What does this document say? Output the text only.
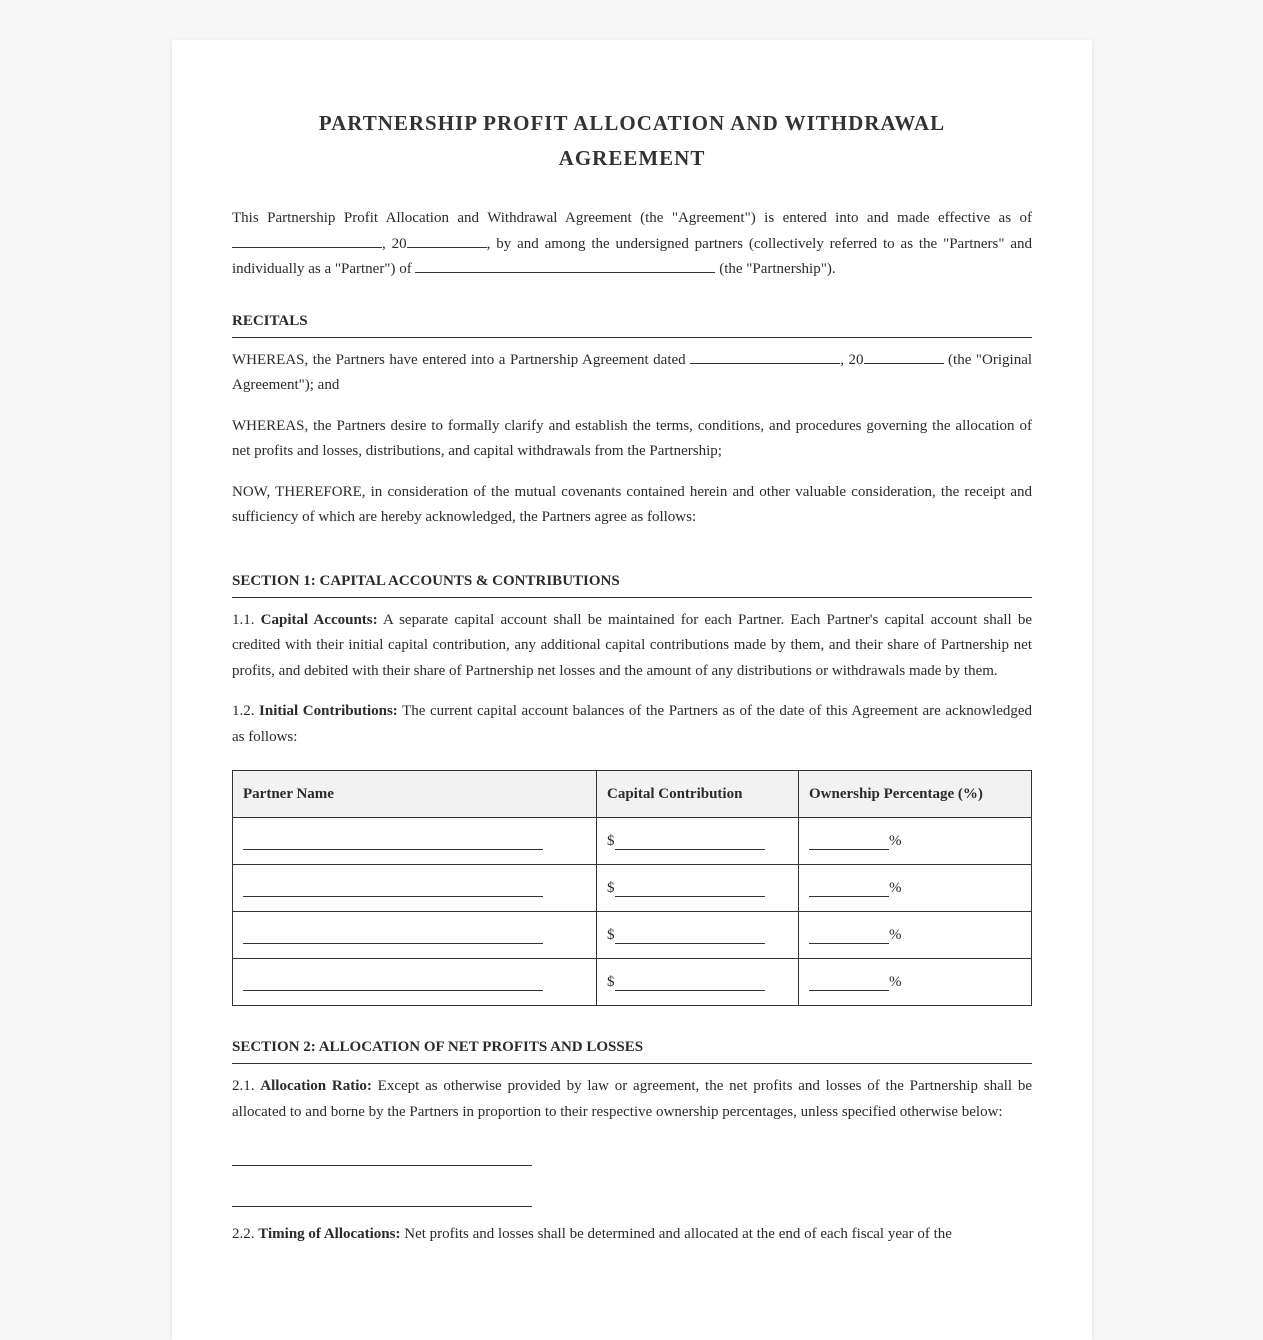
PARTNERSHIP PROFIT ALLOCATION AND WITHDRAWAL
AGREEMENT

This Partnership Profit Allocation and Withdrawal Agreement (the "Agreement") is entered into and made effective as of , 20	, by and among the undersigned partners (collectively referred to as the "Partners" and individually as a "Partner") of	(the "Partnership").

RECITALS

WHEREAS, the Partners have entered into a Partnership Agreement dated	, 20	(the "Original Agreement"); and

WHEREAS, the Partners desire to formally clarify and establish the terms, conditions, and procedures governing the allocation of net profits and losses, distributions, and capital withdrawals from the Partnership;

NOW, THEREFORE, in consideration of the mutual covenants contained herein and other valuable consideration, the receipt and sufficiency of which are hereby acknowledged, the Partners agree as follows:

SECTION 1: CAPITAL ACCOUNTS & CONTRIBUTIONS

1.1. Capital Accounts: A separate capital account shall be maintained for each Partner. Each Partner's capital account shall be credited with their initial capital contribution, any additional capital contributions made by them, and their share of Partnership net profits, and debited with their share of Partnership net losses and the amount of any distributions or withdrawals made by them.

1.2. Initial Contributions: The current capital account balances of the Partners as of the date of this Agreement are acknowledged as follows:

Partner Name	Capital Contribution	Ownership Percentage (%)
	$	%
	$	%
	$	%
	$	%
SECTION 2: ALLOCATION OF NET PROFITS AND LOSSES

2.1. Allocation Ratio: Except as otherwise provided by law or agreement, the net profits and losses of the Partnership shall be allocated to and borne by the Partners in proportion to their respective ownership percentages, unless specified otherwise below:

2.2. Timing of Allocations: Net profits and losses shall be determined and allocated at the end of each fiscal year of the
